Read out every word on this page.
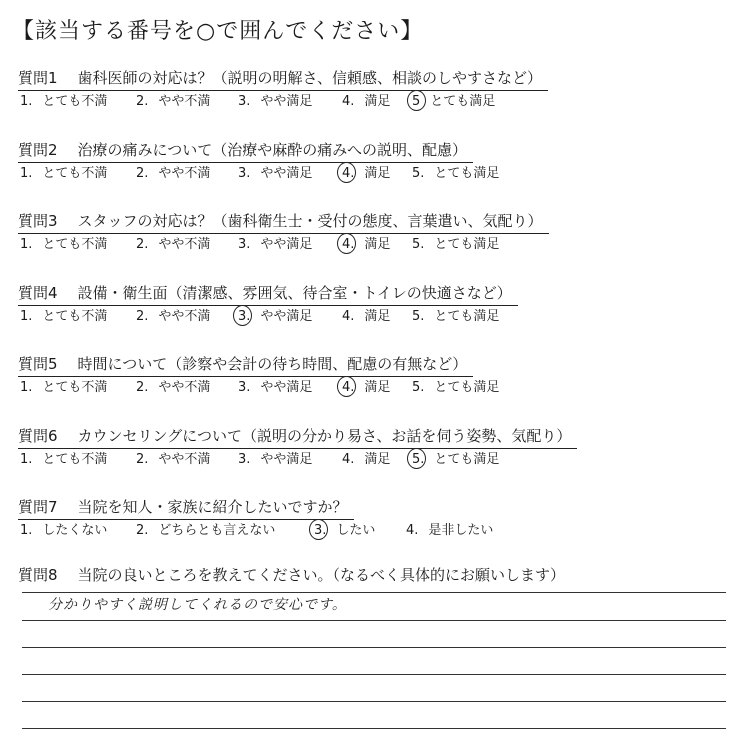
【該当する番号を○で囲んでください】
質問1 歯科医師の対応は？（説明の明解さ、信頼感、相談のしやすさなど）
1. とても不満 2. やや不満 3. やや満足 4. 満足 5 とても満足
質問2 治療の痛みについて（治療や麻酔の痛みへの説明、配慮）
1. とても不満 2. やや不満 3. やや満足 4. 満足 5. とても満足
質問3 スタッフの対応は？（歯科衛生士・受付の態度、言葉遣い、気配り）
1. とても不満 2. やや不満 3. やや満足 4. 満足 5. とても満足
質問4 設備・衛生面（清潔感、雰囲気、待合室・トイレの快適さなど）
1. とても不満 2. やや不満 3. やや満足 4. 満足 5. とても満足
質問5 時間について（診察や会計の待ち時間、配慮の有無など）
1. とても不満 2. やや不満 3. やや満足 4. 満足 5. とても満足
質問6 カウンセリングについて（説明の分かり易さ、お話を伺う姿勢、気配り）
1. とても不満 2. やや不満 3. やや満足 4. 満足 5. とても満足
質問7 当院を知人・家族に紹介したいですか？
1. したくない 2. どちらとも言えない	3. したい 4. 是非したい
質問8 当院の良いところを教えてください。（なるべく具体的にお願いします）
分かりやすく説明してくれるので安心です。
